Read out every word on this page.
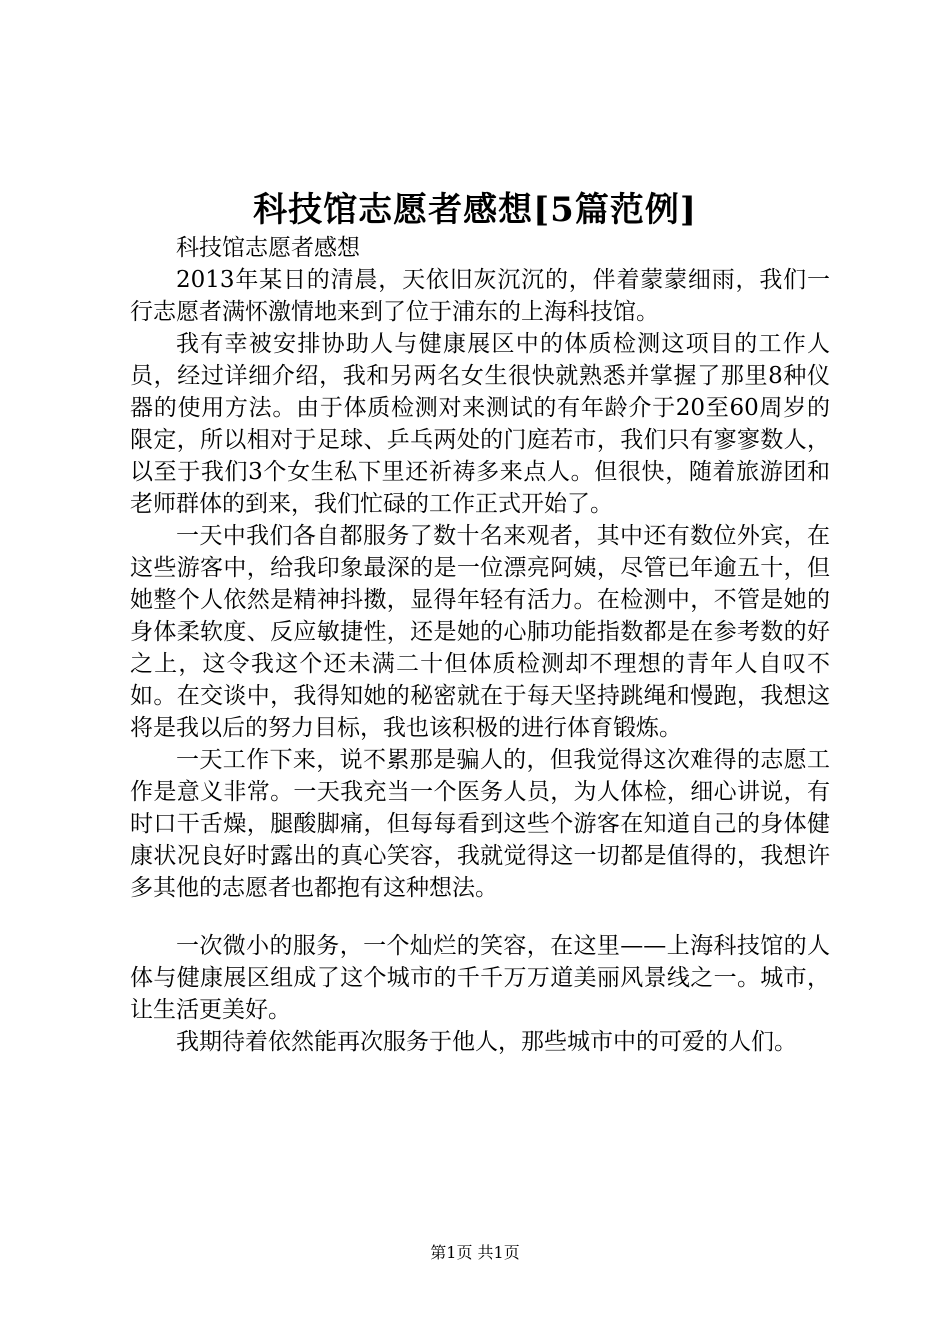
科技馆志愿者感想[5篇范例]

科技馆志愿者感想

2013年某日的清晨，天依旧灰沉沉的，伴着蒙蒙细雨，我们一行志愿者满怀激情地来到了位于浦东的上海科技馆。

我有幸被安排协助人与健康展区中的体质检测这项目的工作人员，经过详细介绍，我和另两名女生很快就熟悉并掌握了那里8种仪器的使用方法。由于体质检测对来测试的有年龄介于20至60周岁的限定，所以相对于足球、乒乓两处的门庭若市，我们只有寥寥数人，以至于我们3个女生私下里还祈祷多来点人。但很快，随着旅游团和老师群体的到来，我们忙碌的工作正式开始了。

一天中我们各自都服务了数十名来观者，其中还有数位外宾，在这些游客中，给我印象最深的是一位漂亮阿姨，尽管已年逾五十，但她整个人依然是精神抖擞，显得年轻有活力。在检测中，不管是她的身体柔软度、反应敏捷性，还是她的心肺功能指数都是在参考数的好之上，这令我这个还未满二十但体质检测却不理想的青年人自叹不如。在交谈中，我得知她的秘密就在于每天坚持跳绳和慢跑，我想这将是我以后的努力目标，我也该积极的进行体育锻炼。

一天工作下来，说不累那是骗人的，但我觉得这次难得的志愿工作是意义非常。一天我充当一个医务人员，为人体检，细心讲说，有时口干舌燥，腿酸脚痛，但每每看到这些个游客在知道自己的身体健康状况良好时露出的真心笑容，我就觉得这一切都是值得的，我想许多其他的志愿者也都抱有这种想法。

一次微小的服务，一个灿烂的笑容，在这里——上海科技馆的人体与健康展区组成了这个城市的千千万万道美丽风景线之一。城市，让生活更美好。

我期待着依然能再次服务于他人，那些城市中的可爱的人们。

第1页 共1页
